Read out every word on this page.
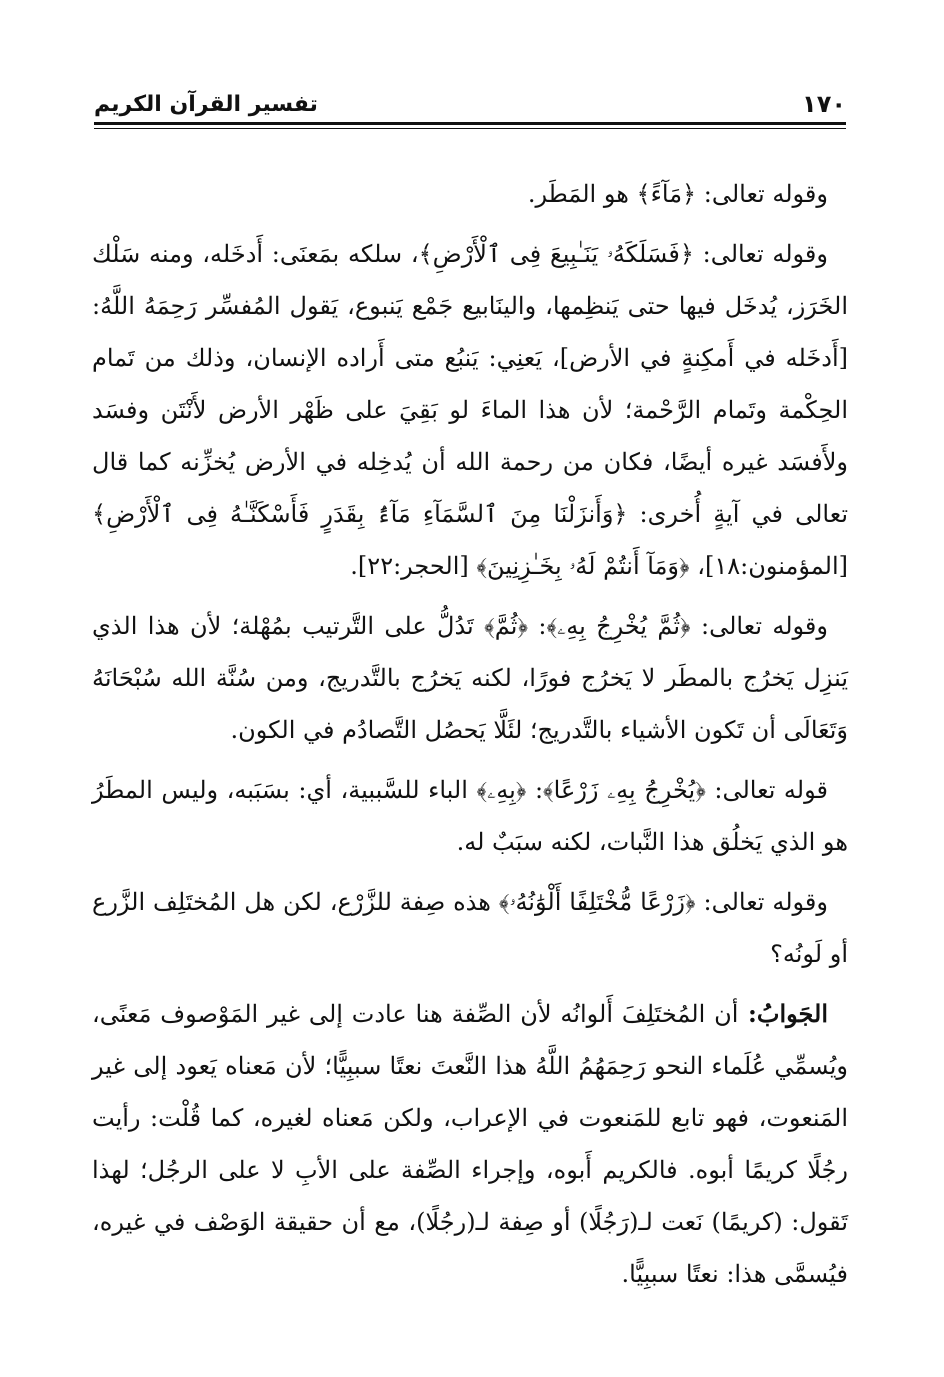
١٧٠
تفسير القرآن الكريم

وقوله تعالى: ﴿مَآءً﴾ هو المَطَر.

وقوله تعالى: ﴿فَسَلَكَهُۥ يَنَـٰبِيعَ فِى ٱلْأَرْضِ﴾، سلكه بمَعنَى: أَدخَله، ومنه سَلْك الخَرَز، يُدخَل فيها حتى يَنظِمها، والينَابيع جَمْع يَنبوع، يَقول المُفسِّر رَحِمَهُ اللَّهُ: [أَدخَله في أَمكِنةٍ في الأرض]، يَعنِي: يَنبُع متى أَراده الإنسان، وذلك من تَمام الحِكْمة وتَمام الرَّحْمة؛ لأن هذا الماءَ لو بَقِيَ على ظَهْر الأرض لأَنْتَن وفسَد ولأَفسَد غيره أيضًا، فكان من رحمة الله أن يُدخِله في الأرض يُخزِّنه كما قال تعالى في آيةٍ أُخرى: ﴿وَأَنزَلْنَا مِنَ ٱلسَّمَآءِ مَآءًۢ بِقَدَرٍ فَأَسْكَنَّـٰهُ فِى ٱلْأَرْضِ﴾ [المؤمنون:١٨]، ﴿وَمَآ أَنتُمْ لَهُۥ بِخَـٰزِنِينَ﴾ [الحجر:٢٢].

وقوله تعالى: ﴿ثُمَّ يُخْرِجُ بِهِۦ﴾: ﴿ثُمَّ﴾ تَدُلُّ على التَّرتيب بمُهْلة؛ لأن هذا الذي يَنزِل يَخرُج بالمطَر لا يَخرُج فورًا، لكنه يَخرُج بالتَّدريج، ومن سُنَّة الله سُبْحَانَهُ وَتَعَالَى أن تَكون الأشياء بالتَّدريج؛ لئَلَّا يَحصُل التَّصادُم في الكون.

قوله تعالى: ﴿يُخْرِجُ بِهِۦ زَرْعًا﴾: ﴿بِهِۦ﴾ الباء للسَّببية، أي: بسَبَبه، وليس المطَرُ هو الذي يَخلُق هذا النَّبات، لكنه سبَبٌ له.

وقوله تعالى: ﴿زَرْعًا مُّخْتَلِفًا أَلْوَٰنُهُۥ﴾ هذه صِفة للزَّرْع، لكن هل المُختَلِف الزَّرع أو لَونُه؟

الجَوابُ: أن المُختَلِفَ أَلوانُه لأن الصِّفة هنا عادت إلى غير المَوْصوف مَعنًى، ويُسمِّي عُلَماء النحو رَحِمَهُمُ اللَّهُ هذا النَّعتَ نعتًا سببِيًّا؛ لأن مَعناه يَعود إلى غير المَنعوت، فهو تابع للمَنعوت في الإعراب، ولكن مَعناه لغيره، كما قُلْت: رأيت رجُلًا كريمًا أبوه. فالكريم أَبوه، وإجراء الصِّفة على الأبِ لا على الرجُل؛ لهذا تَقول: (كريمًا) نَعت لـ(رَجُلًا) أو صِفة لـ(رجُلًا)، مع أن حقيقة الوَصْف في غيره، فيُسمَّى هذا: نعتًا سببِيًّا.
